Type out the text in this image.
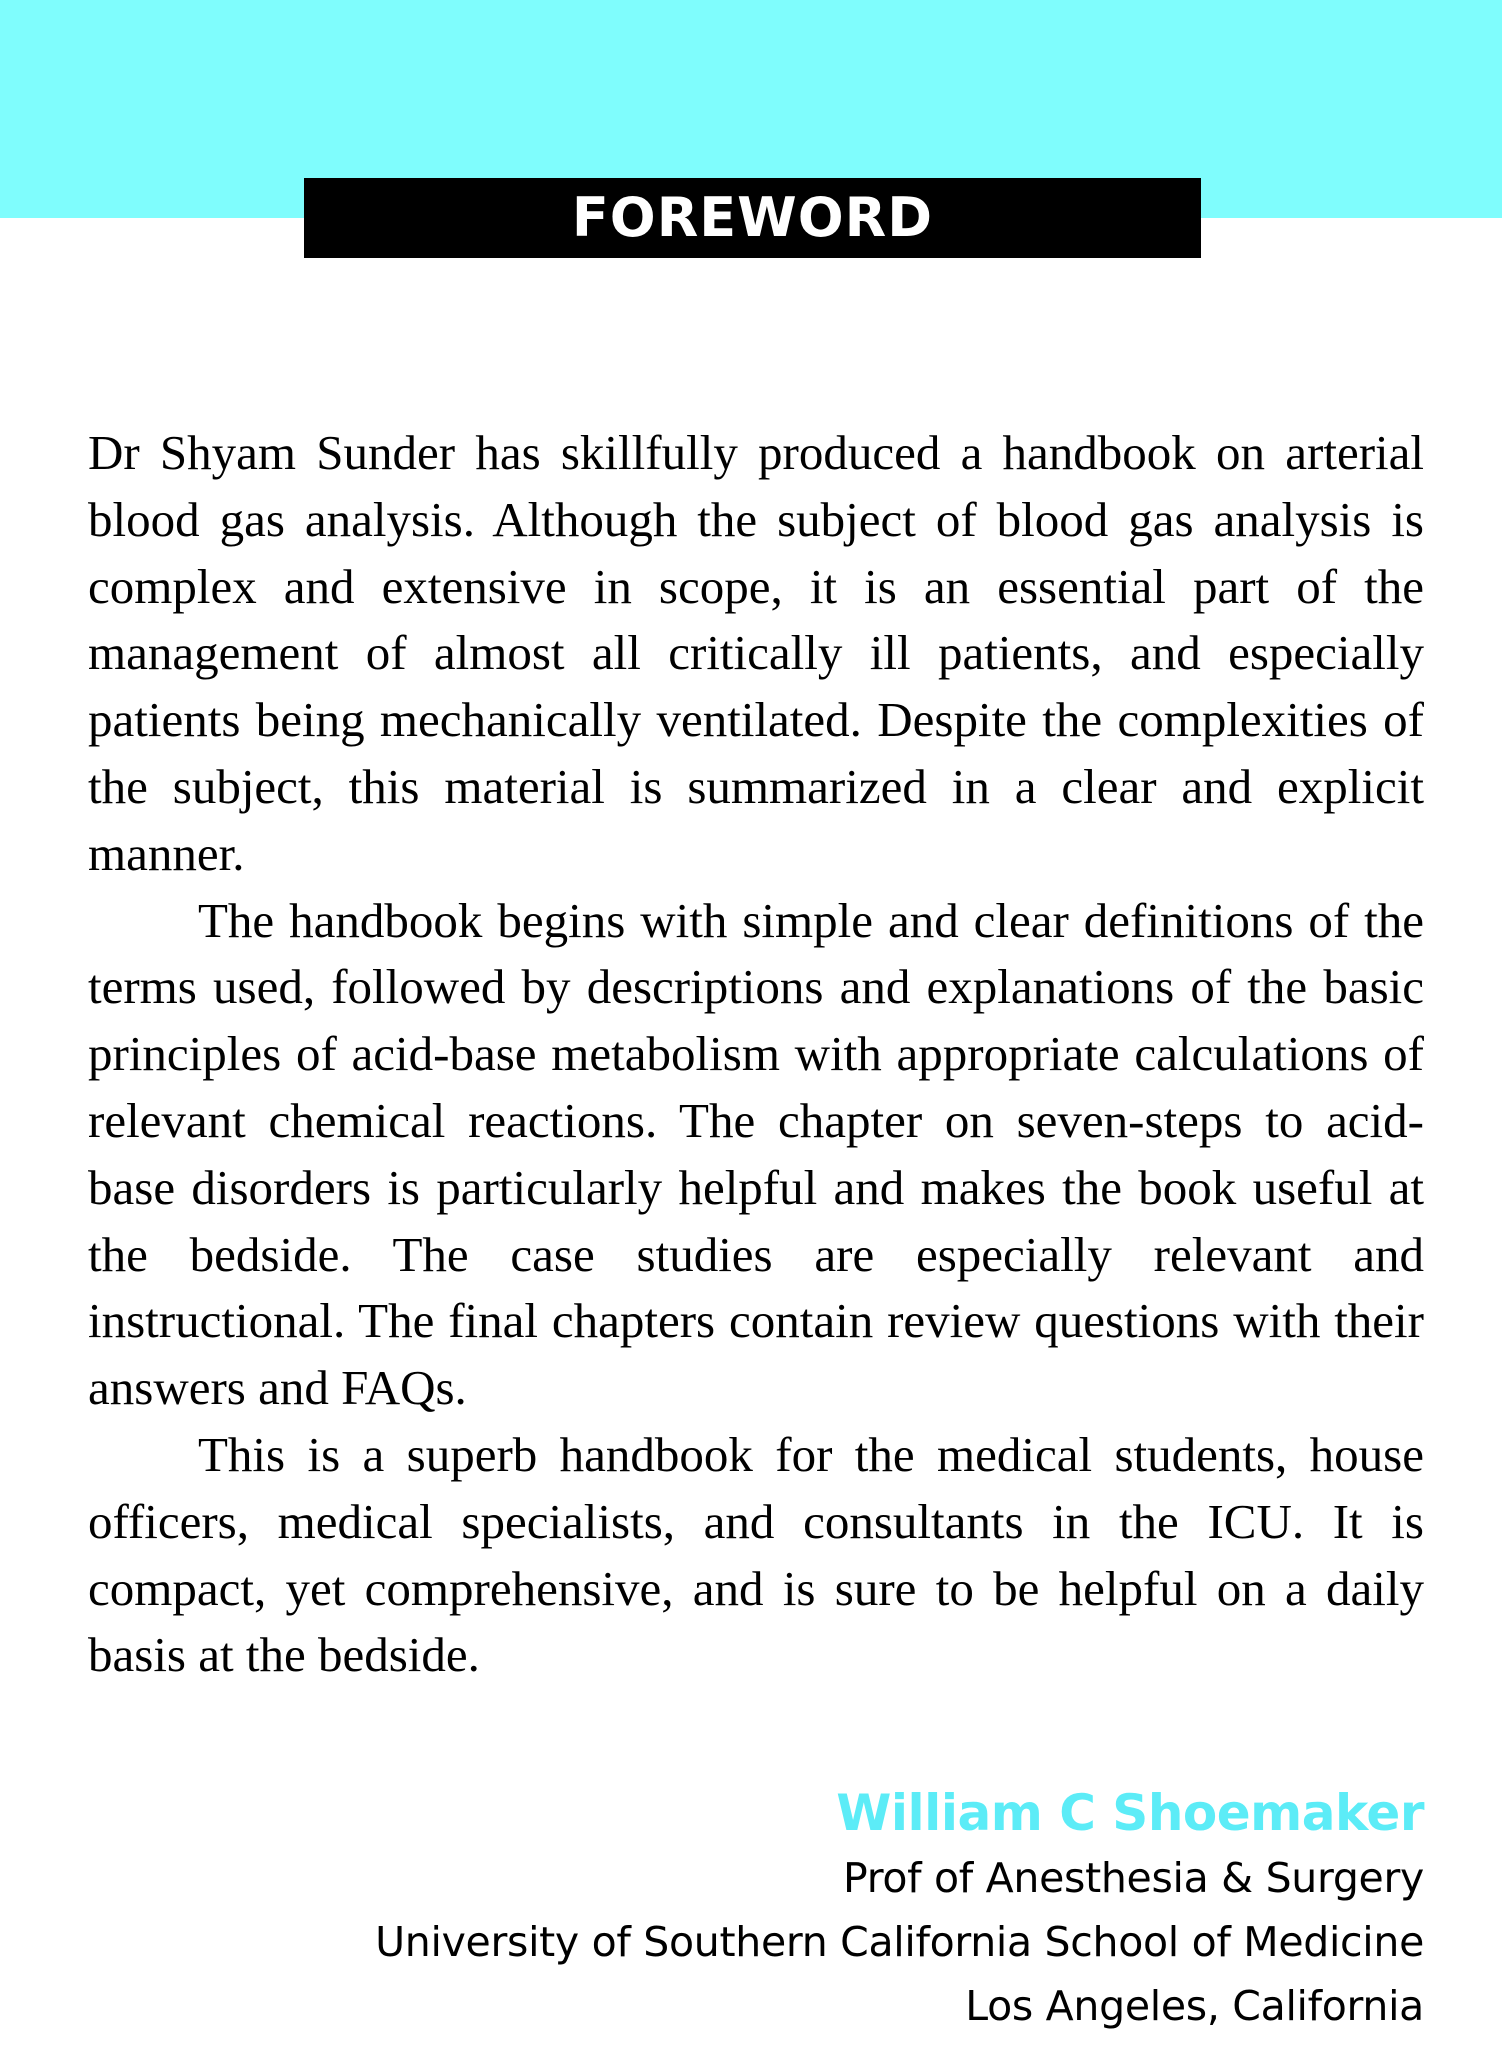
FOREWORD

Dr Shyam Sunder has skillfully produced a handbook on arterial blood gas analysis. Although the subject of blood gas analysis is complex and extensive in scope, it is an essential part of the management of almost all critically ill patients, and especially patients being mechanically ventilated. Despite the complexities of the subject, this material is summarized in a clear and explicit manner.

The handbook begins with simple and clear definitions of the terms used, followed by descriptions and explanations of the basic principles of acid-base metabolism with appropriate calculations of relevant chemical reactions. The chapter on seven-steps to acid-base disorders is particularly helpful and makes the book useful at the bedside. The case studies are especially relevant and instructional. The final chapters contain review questions with their answers and FAQs.

This is a superb handbook for the medical students, house officers, medical specialists, and consultants in the ICU. It is compact, yet comprehensive, and is sure to be helpful on a daily basis at the bedside.

William C Shoemaker
Prof of Anesthesia & Surgery
University of Southern California School of Medicine
Los Angeles, California
